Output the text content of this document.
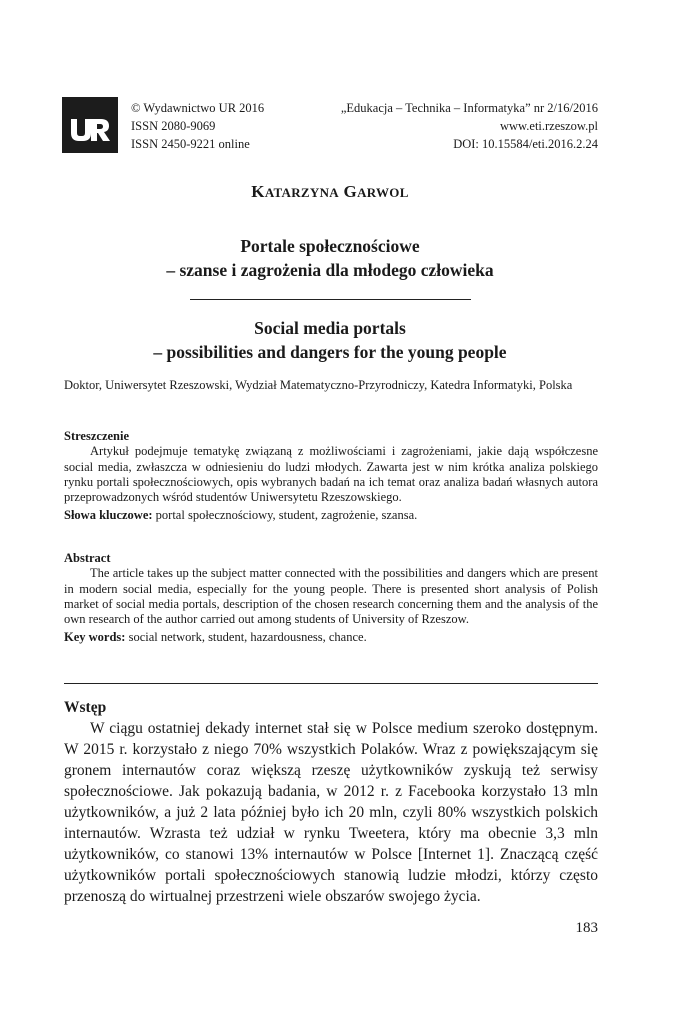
© Wydawnictwo UR 2016
ISSN 2080-9069
ISSN 2450-9221 online
„Edukacja – Technika – Informatyka” nr 2/16/2016
www.eti.rzeszow.pl
DOI: 10.15584/eti.2016.2.24
KATARZYNA GARWOL
Portale społecznościowe
– szanse i zagrożenia dla młodego człowieka
Social media portals
– possibilities and dangers for the young people
Doktor, Uniwersytet Rzeszowski, Wydział Matematyczno-Przyrodniczy, Katedra Informatyki, Polska
Streszczenie
Artykuł podejmuje tematykę związaną z możliwościami i zagrożeniami, jakie dają współczesne social media, zwłaszcza w odniesieniu do ludzi młodych. Zawarta jest w nim krótka analiza polskiego rynku portali społecznościowych, opis wybranych badań na ich temat oraz analiza badań własnych autora przeprowadzonych wśród studentów Uniwersytetu Rzeszowskiego.
Słowa kluczowe: portal społecznościowy, student, zagrożenie, szansa.
Abstract
The article takes up the subject matter connected with the possibilities and dangers which are present in modern social media, especially for the young people. There is presented short analysis of Polish market of social media portals, description of the chosen research concerning them and the analysis of the own research of the author carried out among students of University of Rzeszow.
Key words: social network, student, hazardousness, chance.
Wstęp
W ciągu ostatniej dekady internet stał się w Polsce medium szeroko dostępnym. W 2015 r. korzystało z niego 70% wszystkich Polaków. Wraz z powiększającym się gronem internautów coraz większą rzeszę użytkowników zyskują też serwisy społecznościowe. Jak pokazują badania, w 2012 r. z Facebooka korzystało 13 mln użytkowników, a już 2 lata później było ich 20 mln, czyli 80% wszystkich polskich internautów. Wzrasta też udział w rynku Tweetera, który ma obecnie 3,3 mln użytkowników, co stanowi 13% internautów w Polsce [Internet 1]. Znaczącą część użytkowników portali społecznościowych stanowią ludzie młodzi, którzy często przenoszą do wirtualnej przestrzeni wiele obszarów swojego życia.
183
